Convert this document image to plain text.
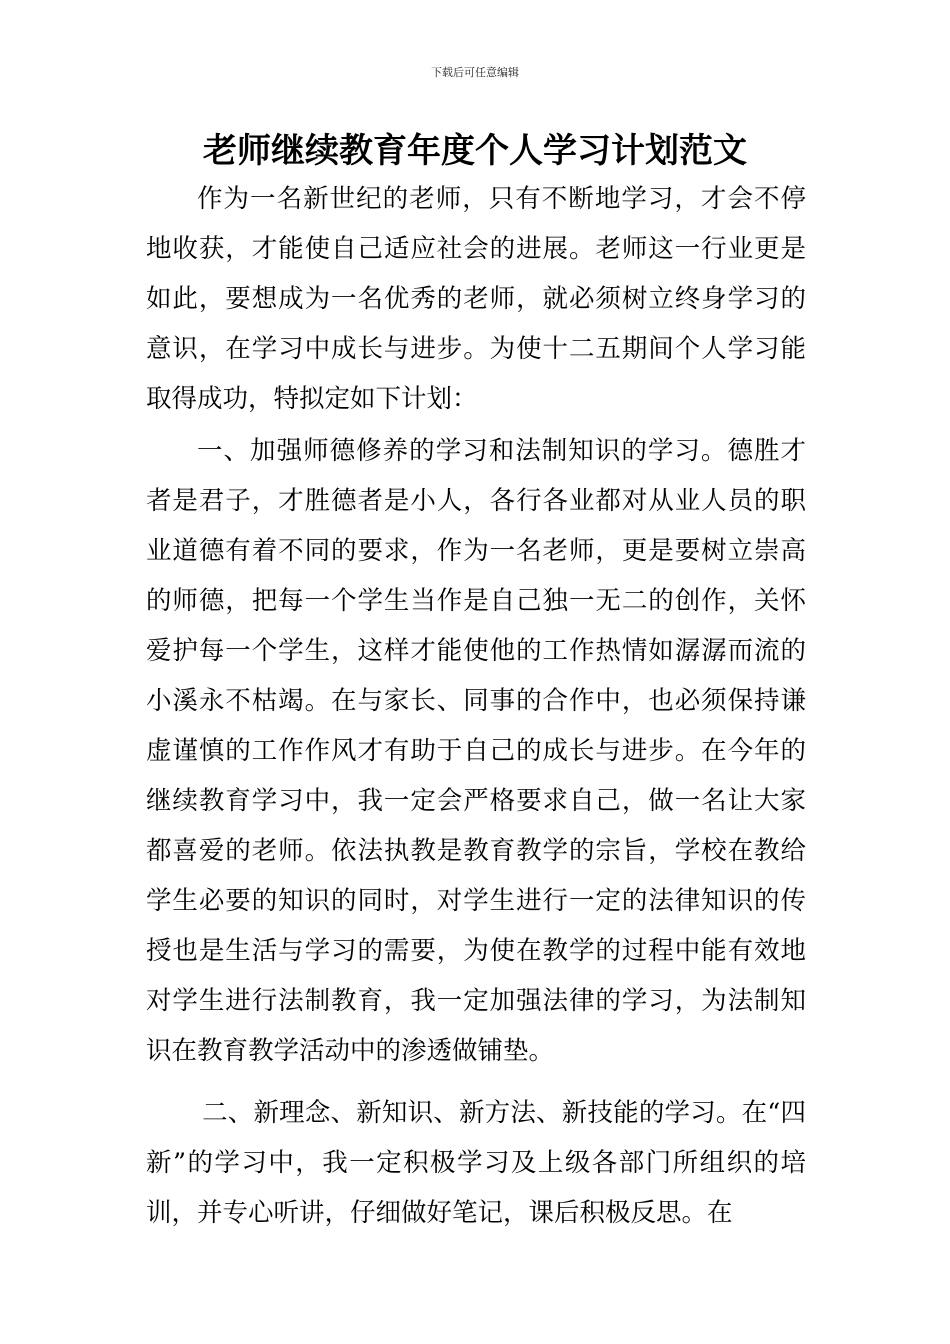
下载后可任意编辑
老师继续教育年度个人学习计划范文

作为一名新世纪的老师，只有不断地学习，才会不停地收获，才能使自己适应社会的进展。老师这一行业更是如此，要想成为一名优秀的老师，就必须树立终身学习的意识，在学习中成长与进步。为使十二五期间个人学习能取得成功，特拟定如下计划：

一、加强师德修养的学习和法制知识的学习。德胜才者是君子，才胜德者是小人，各行各业都对从业人员的职业道德有着不同的要求，作为一名老师，更是要树立崇高的师德，把每一个学生当作是自己独一无二的创作，关怀爱护每一个学生，这样才能使他的工作热情如潺潺而流的小溪永不枯竭。在与家长、同事的合作中，也必须保持谦虚谨慎的工作作风才有助于自己的成长与进步。在今年的继续教育学习中，我一定会严格要求自己，做一名让大家都喜爱的老师。依法执教是教育教学的宗旨，学校在教给学生必要的知识的同时，对学生进行一定的法律知识的传授也是生活与学习的需要，为使在教学的过程中能有效地对学生进行法制教育，我一定加强法律的学习，为法制知识在教育教学活动中的渗透做铺垫。

二、新理念、新知识、新方法、新技能的学习。在“四新”的学习中，我一定积极学习及上级各部门所组织的培训，并专心听讲，仔细做好笔记，课后积极反思。在
